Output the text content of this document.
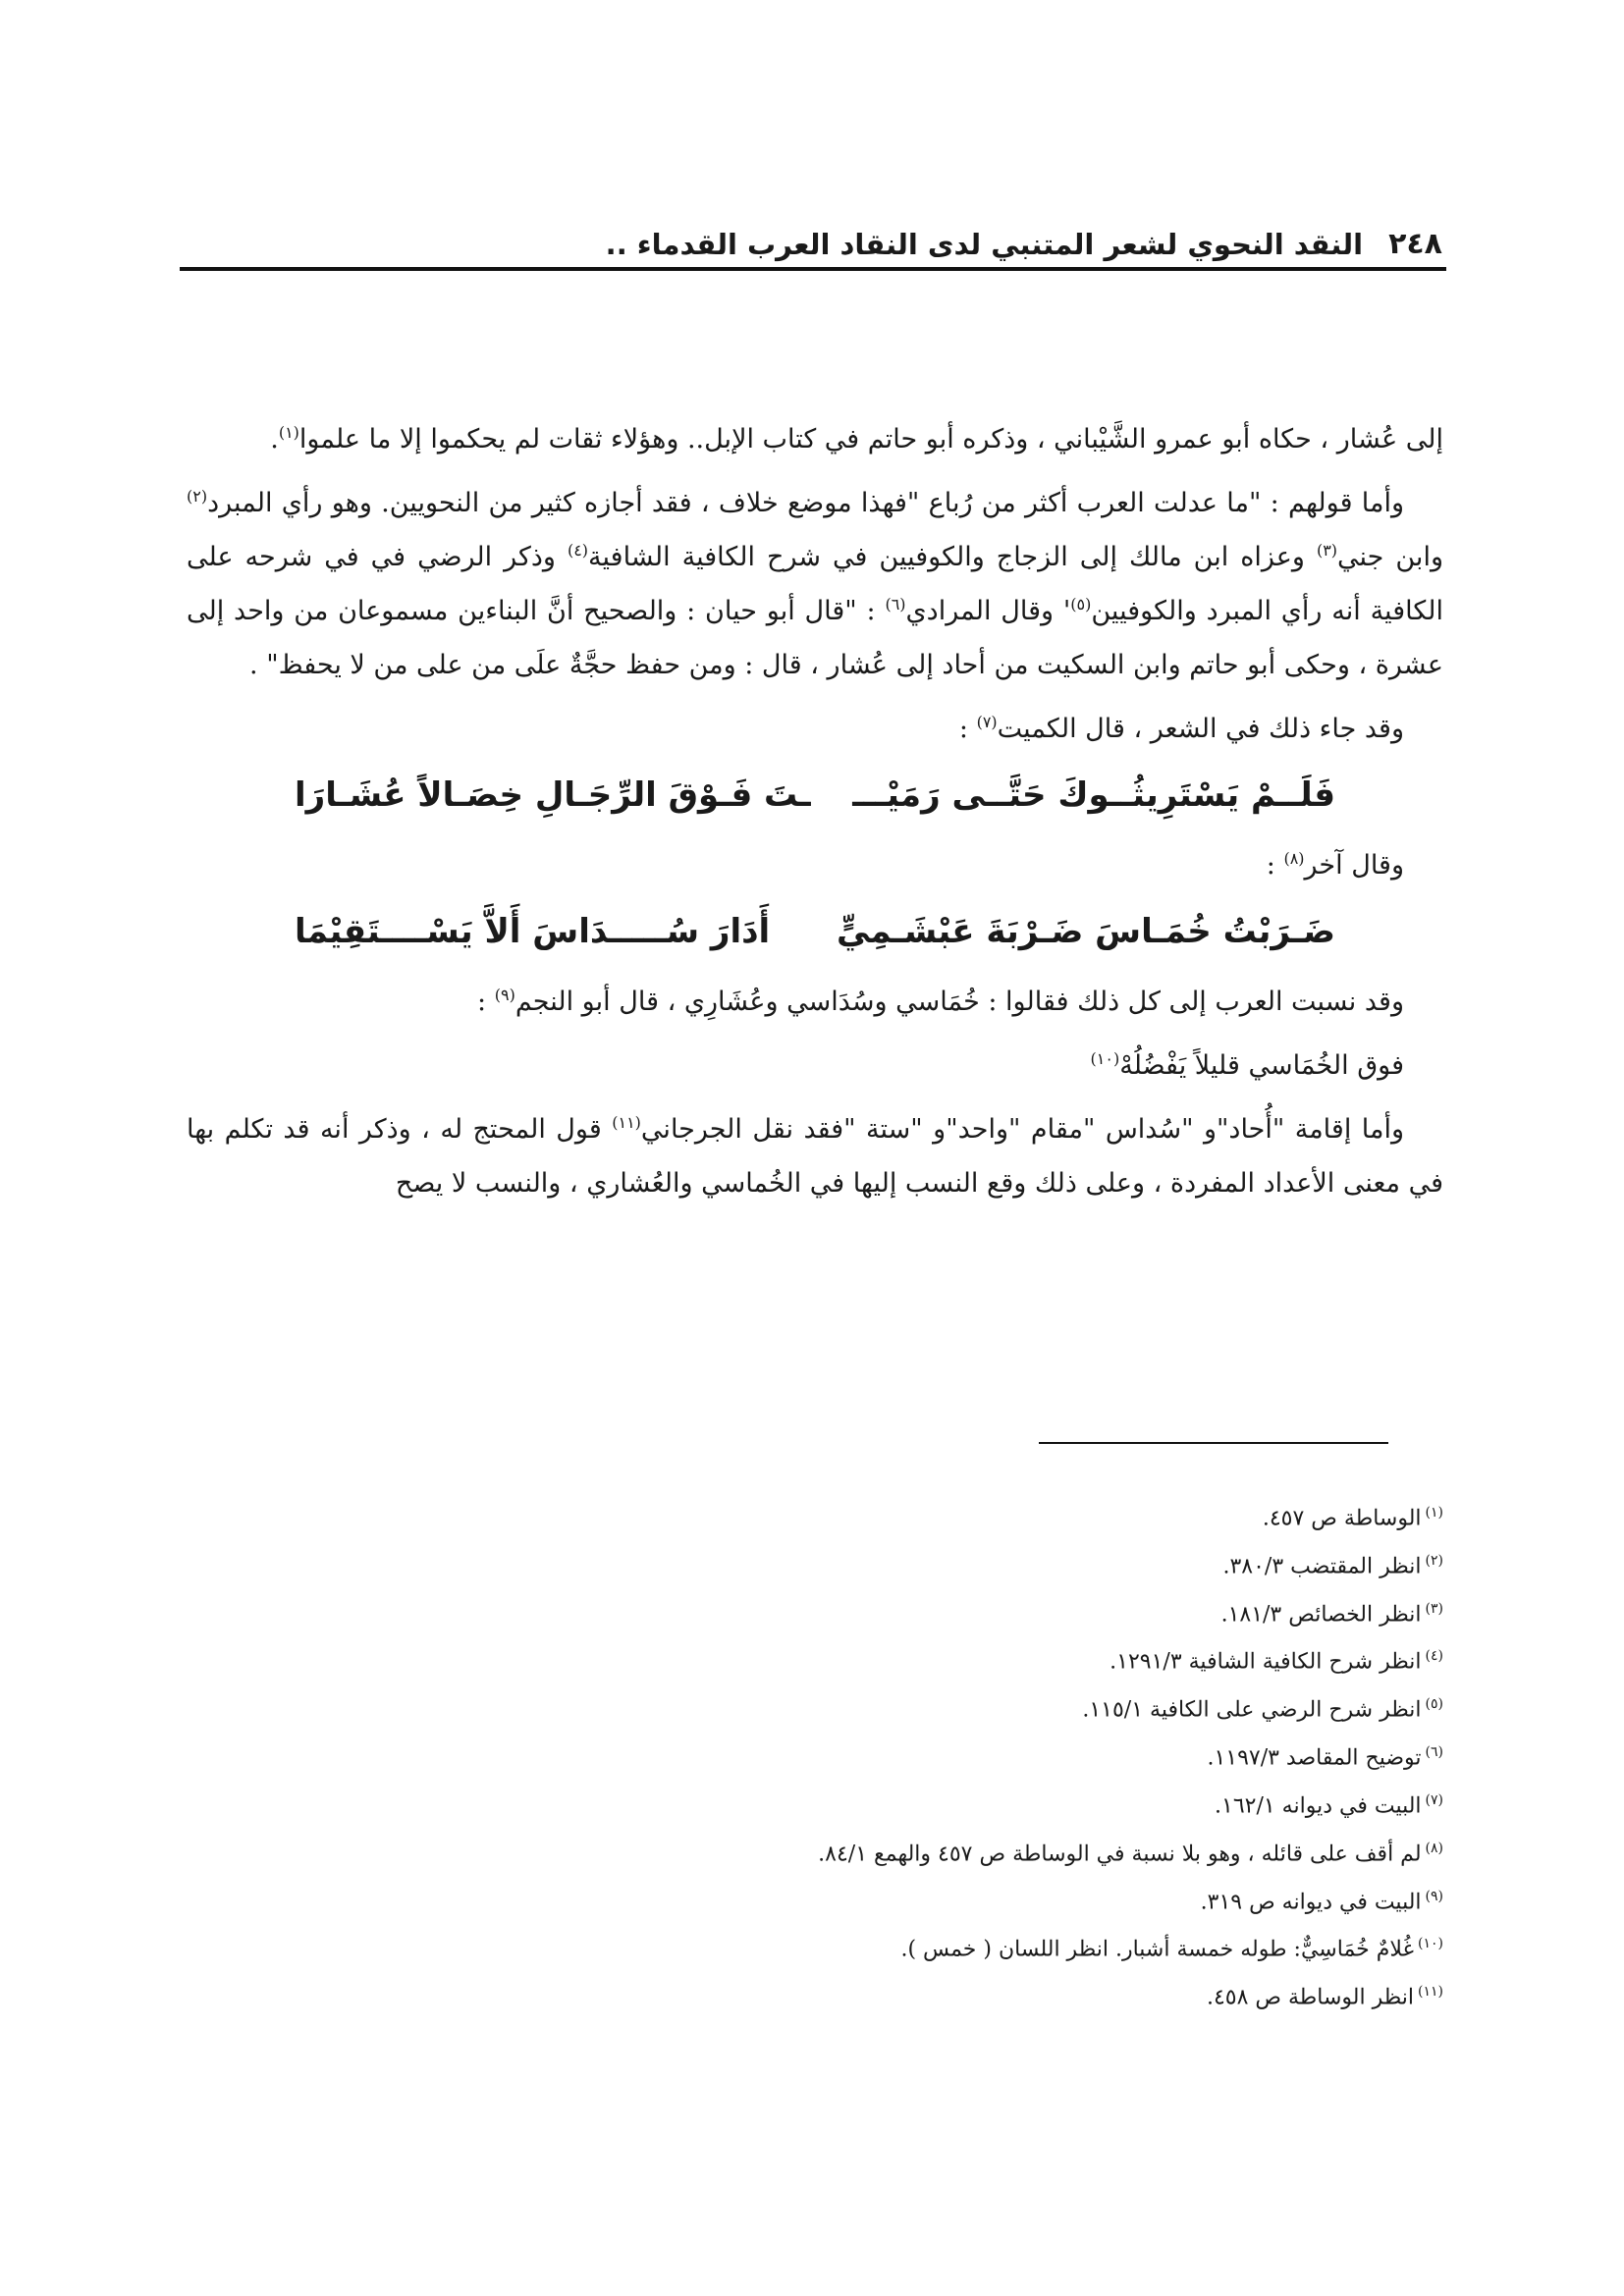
٢٤٨
النقد النحوي لشعر المتنبي لدى النقاد العرب القدماء ..

إلى عُشار ، حكاه أبو عمرو الشَّيْباني ، وذكره أبو حاتم في كتاب الإبل.. وهؤلاء ثقات لم يحكموا إلا ما علموا$^{(١)}$.

وأما قولهم : "ما عدلت العرب أكثر من رُباع "فهذا موضع خلاف ، فقد أجازه كثير من النحويين. وهو رأي المبرد$^{(٢)}$ وابن جني$^{(٣)}$ وعزاه ابن مالك إلى الزجاج والكوفيين في شرح الكافية الشافية$^{(٤)}$ وذكر الرضي في في شرحه على الكافية أنه رأي المبرد والكوفيين$^{(٥)}$' وقال المرادي$^{(٦)}$ : "قال أبو حيان : والصحيح أنَّ البناءين مسموعان من واحد إلى عشرة ، وحكى أبو حاتم وابن السكيت من أحاد إلى عُشار ، قال : ومن حفظ حجَّةٌ علَى من على من لا يحفظ" .

وقد جاء ذلك في الشعر ، قال الكميت$^{(٧)}$ :

فَلَــمْ يَسْتَرِيثُــوكَ حَتَّــى رَمَيْـــ
ـتَ فَـوْقَ الرِّجَـالِ خِصَـالاً عُشَـارَا

وقال آخر$^{(٨)}$ :

ضَـرَبْتُ خُمَـاسَ ضَـرْبَةَ عَبْشَـمِيٍّ
أَدَارَ سُـــــدَاسَ أَلاَّ يَسْــــتَقِيْمَا

وقد نسبت العرب إلى كل ذلك فقالوا : خُمَاسي وسُدَاسي وعُشَارِي ، قال أبو النجم$^{(٩)}$ :

فوق الخُمَاسي قليلاً يَفْضُلُهْ$^{(١٠)}$

وأما إقامة "أُحاد"و "سُداس "مقام "واحد"و "ستة "فقد نقل الجرجاني$^{(١١)}$ قول المحتج له ، وذكر أنه قد تكلم بها في معنى الأعداد المفردة ، وعلى ذلك وقع النسب إليها في الخُماسي والعُشاري ، والنسب لا يصح

$^{(١)}$الوساطة ص ٤٥٧.
$^{(٢)}$انظر المقتضب ٣٨٠/٣.
$^{(٣)}$انظر الخصائص ١٨١/٣.
$^{(٤)}$انظر شرح الكافية الشافية ١٢٩١/٣.
$^{(٥)}$انظر شرح الرضي على الكافية ١١٥/١.
$^{(٦)}$توضيح المقاصد ١١٩٧/٣.
$^{(٧)}$البيت في ديوانه ١٦٢/١.
$^{(٨)}$لم أقف على قائله ، وهو بلا نسبة في الوساطة ص ٤٥٧ والهمع ٨٤/١.
$^{(٩)}$البيت في ديوانه ص ٣١٩.
$^{(١٠)}$غُلامٌ خُمَاسِيٌّ: طوله خمسة أشبار. انظر اللسان ( خمس ).
$^{(١١)}$انظر الوساطة ص ٤٥٨.
